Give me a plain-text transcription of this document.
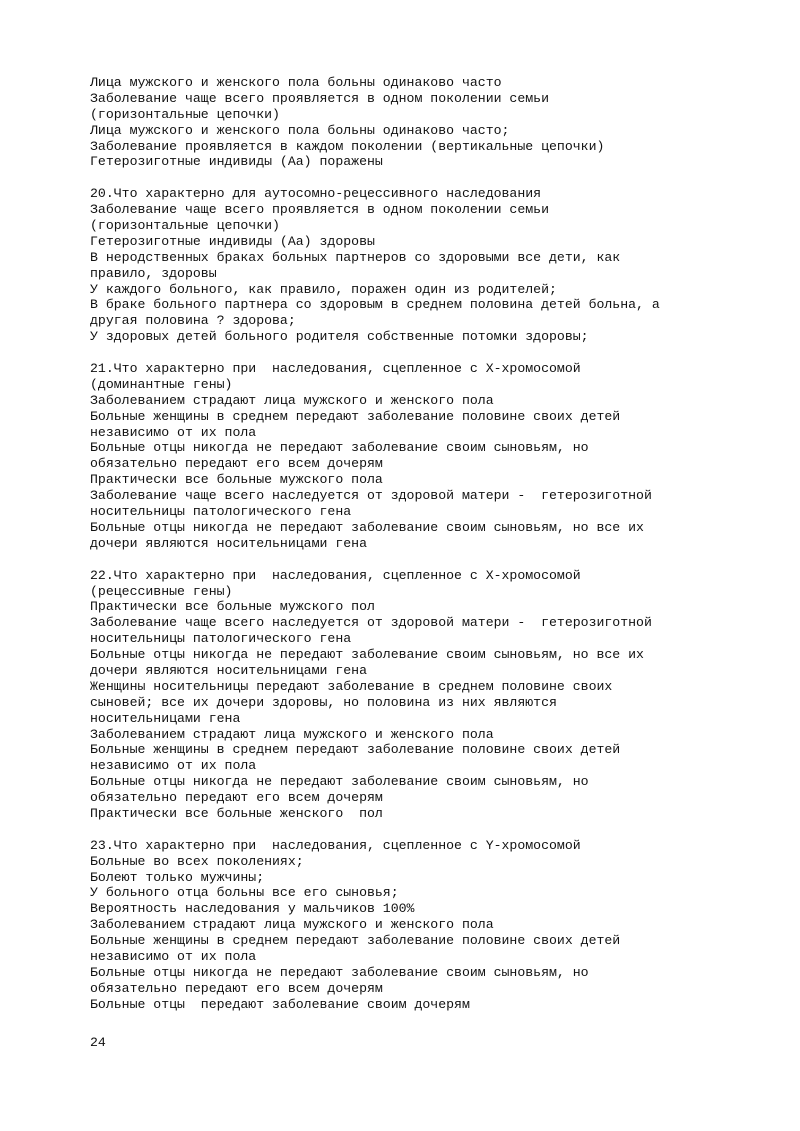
Лица мужского и женского пола больны одинаково часто
Заболевание чаще всего проявляется в одном поколении семьи
(горизонтальные цепочки)
Лица мужского и женского пола больны одинаково часто;
Заболевание проявляется в каждом поколении (вертикальные цепочки)
Гетерозиготные индивиды (Аа) поражены
20.Что характерно для аутосомно-рецессивного наследования
Заболевание чаще всего проявляется в одном поколении семьи
(горизонтальные цепочки)
Гетерозиготные индивиды (Аа) здоровы
В неродственных браках больных партнеров со здоровыми все дети, как
правило, здоровы
У каждого больного, как правило, поражен один из родителей;
В браке больного партнера со здоровым в среднем половина детей больна, а
другая половина ? здорова;
У здоровых детей больного родителя собственные потомки здоровы;
21.Что характерно при  наследования, сцепленное с X-хромосомой
(доминантные гены)
Заболеванием страдают лица мужского и женского пола
Больные женщины в среднем передают заболевание половине своих детей
независимо от их пола
Больные отцы никогда не передают заболевание своим сыновьям, но
обязательно передают его всем дочерям
Практически все больные мужского пола
Заболевание чаще всего наследуется от здоровой матери -  гетерозиготной
носительницы патологического гена
Больные отцы никогда не передают заболевание своим сыновьям, но все их
дочери являются носительницами гена
22.Что характерно при  наследования, сцепленное с X-хромосомой
(рецессивные гены)
Практически все больные мужского пол
Заболевание чаще всего наследуется от здоровой матери -  гетерозиготной
носительницы патологического гена
Больные отцы никогда не передают заболевание своим сыновьям, но все их
дочери являются носительницами гена
Женщины носительницы передают заболевание в среднем половине своих
сыновей; все их дочери здоровы, но половина из них являются
носительницами гена
Заболеванием страдают лица мужского и женского пола
Больные женщины в среднем передают заболевание половине своих детей
независимо от их пола
Больные отцы никогда не передают заболевание своим сыновьям, но
обязательно передают его всем дочерям
Практически все больные женского  пол
23.Что характерно при  наследования, сцепленное с Y-хромосомой
Больные во всех поколениях;
Болеют только мужчины;
У больного отца больны все его сыновья;
Вероятность наследования у мальчиков 100%
Заболеванием страдают лица мужского и женского пола
Больные женщины в среднем передают заболевание половине своих детей
независимо от их пола
Больные отцы никогда не передают заболевание своим сыновьям, но
обязательно передают его всем дочерям
Больные отцы  передают заболевание своим дочерям
24
